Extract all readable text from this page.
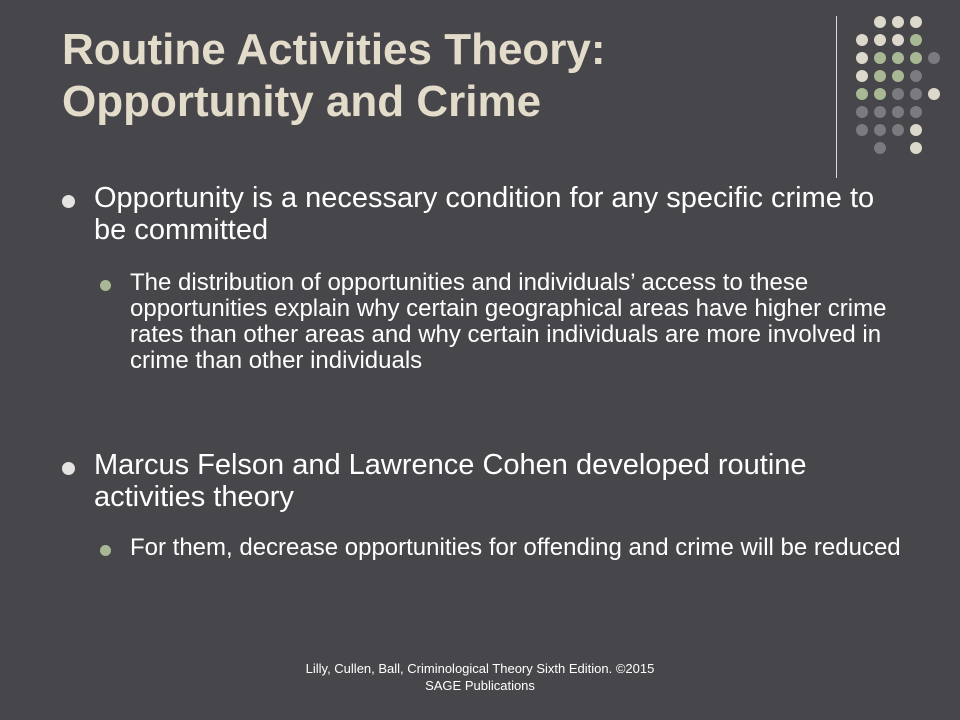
Routine Activities Theory: Opportunity and Crime
Opportunity is a necessary condition for any specific crime to be committed
The distribution of opportunities and individuals’ access to these opportunities explain why certain geographical areas have higher crime rates than other areas and why certain individuals are more involved in crime than other individuals
Marcus Felson and Lawrence Cohen developed routine activities theory
For them, decrease opportunities for offending and crime will be reduced
Lilly, Cullen, Ball, Criminological Theory Sixth Edition. ©2015 SAGE Publications
